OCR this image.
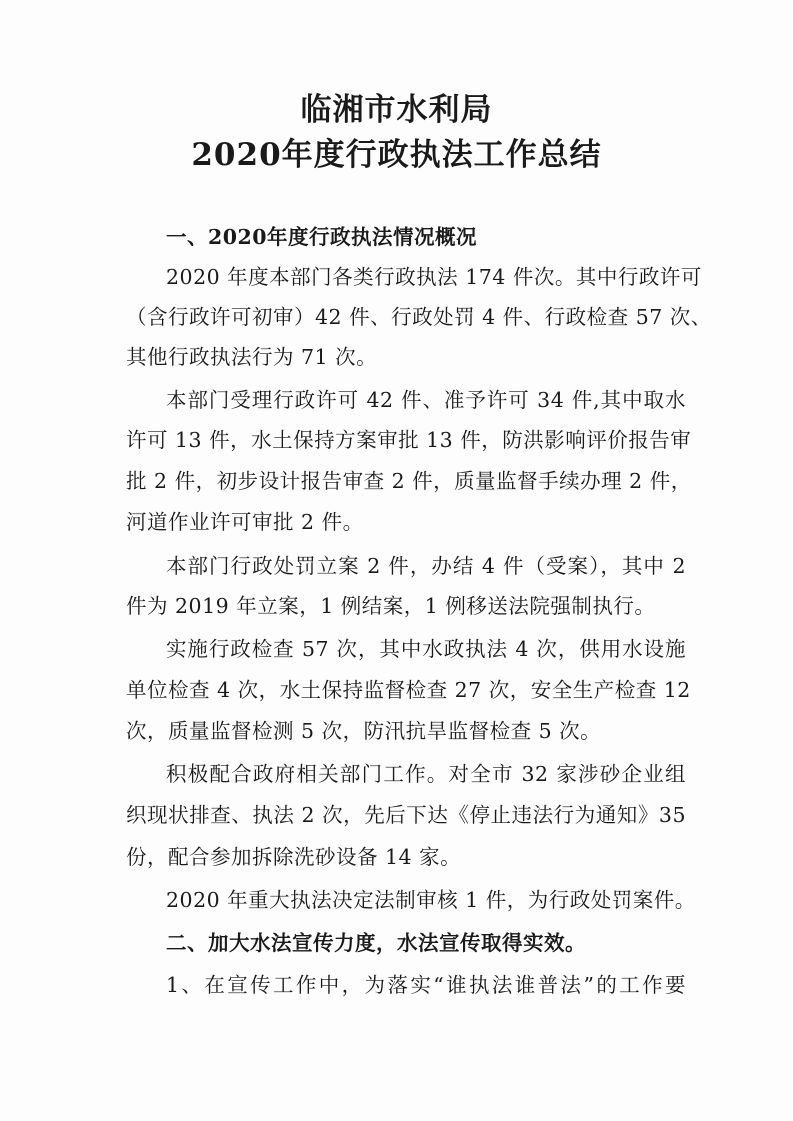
临湘市水利局
2020年度行政执法工作总结
一、2020年度行政执法情况概况
2020 年度本部门各类行政执法 174 件次。其中行政许可
（含行政许可初审）42 件、行政处罚 4 件、行政检查 57 次、
其他行政执法行为 71 次。
本部门受理行政许可 42 件、准予许可 34 件,其中取水
许可 13 件，水土保持方案审批 13 件，防洪影响评价报告审
批 2 件，初步设计报告审查 2 件，质量监督手续办理 2 件，
河道作业许可审批 2 件。
本部门行政处罚立案 2 件，办结 4 件（受案），其中 2
件为 2019 年立案，1 例结案，1 例移送法院强制执行。
实施行政检查 57 次，其中水政执法 4 次，供用水设施
单位检查 4 次，水土保持监督检查 27 次，安全生产检查 12
次，质量监督检测 5 次，防汛抗旱监督检查 5 次。
积极配合政府相关部门工作。对全市 32 家涉砂企业组
织现状排查、执法 2 次，先后下达《停止违法行为通知》35
份，配合参加拆除洗砂设备 14 家。
2020 年重大执法决定法制审核 1 件，为行政处罚案件。
二、加大水法宣传力度，水法宣传取得实效。
1、在宣传工作中，为落实“谁执法谁普法”的工作要
